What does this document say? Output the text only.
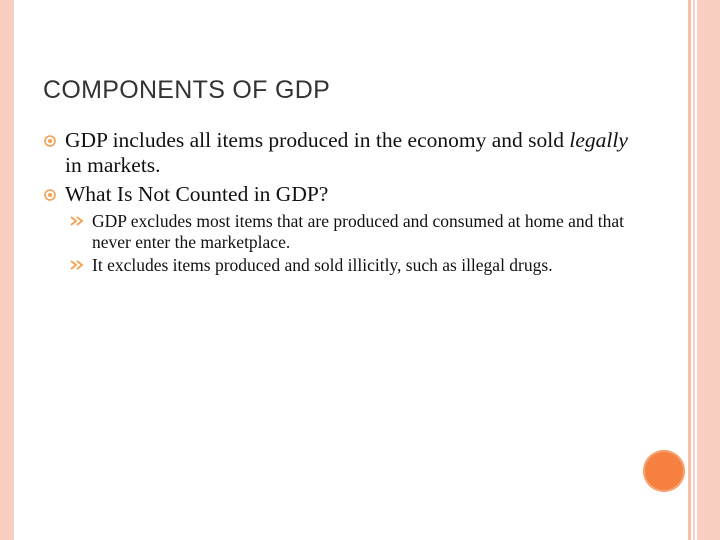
COMPONENTS OF GDP
GDP includes all items produced in the economy and sold legally in markets.
What Is Not Counted in GDP?
GDP excludes most items that are produced and consumed at home and that never enter the marketplace.
It excludes items produced and sold illicitly, such as illegal drugs.
